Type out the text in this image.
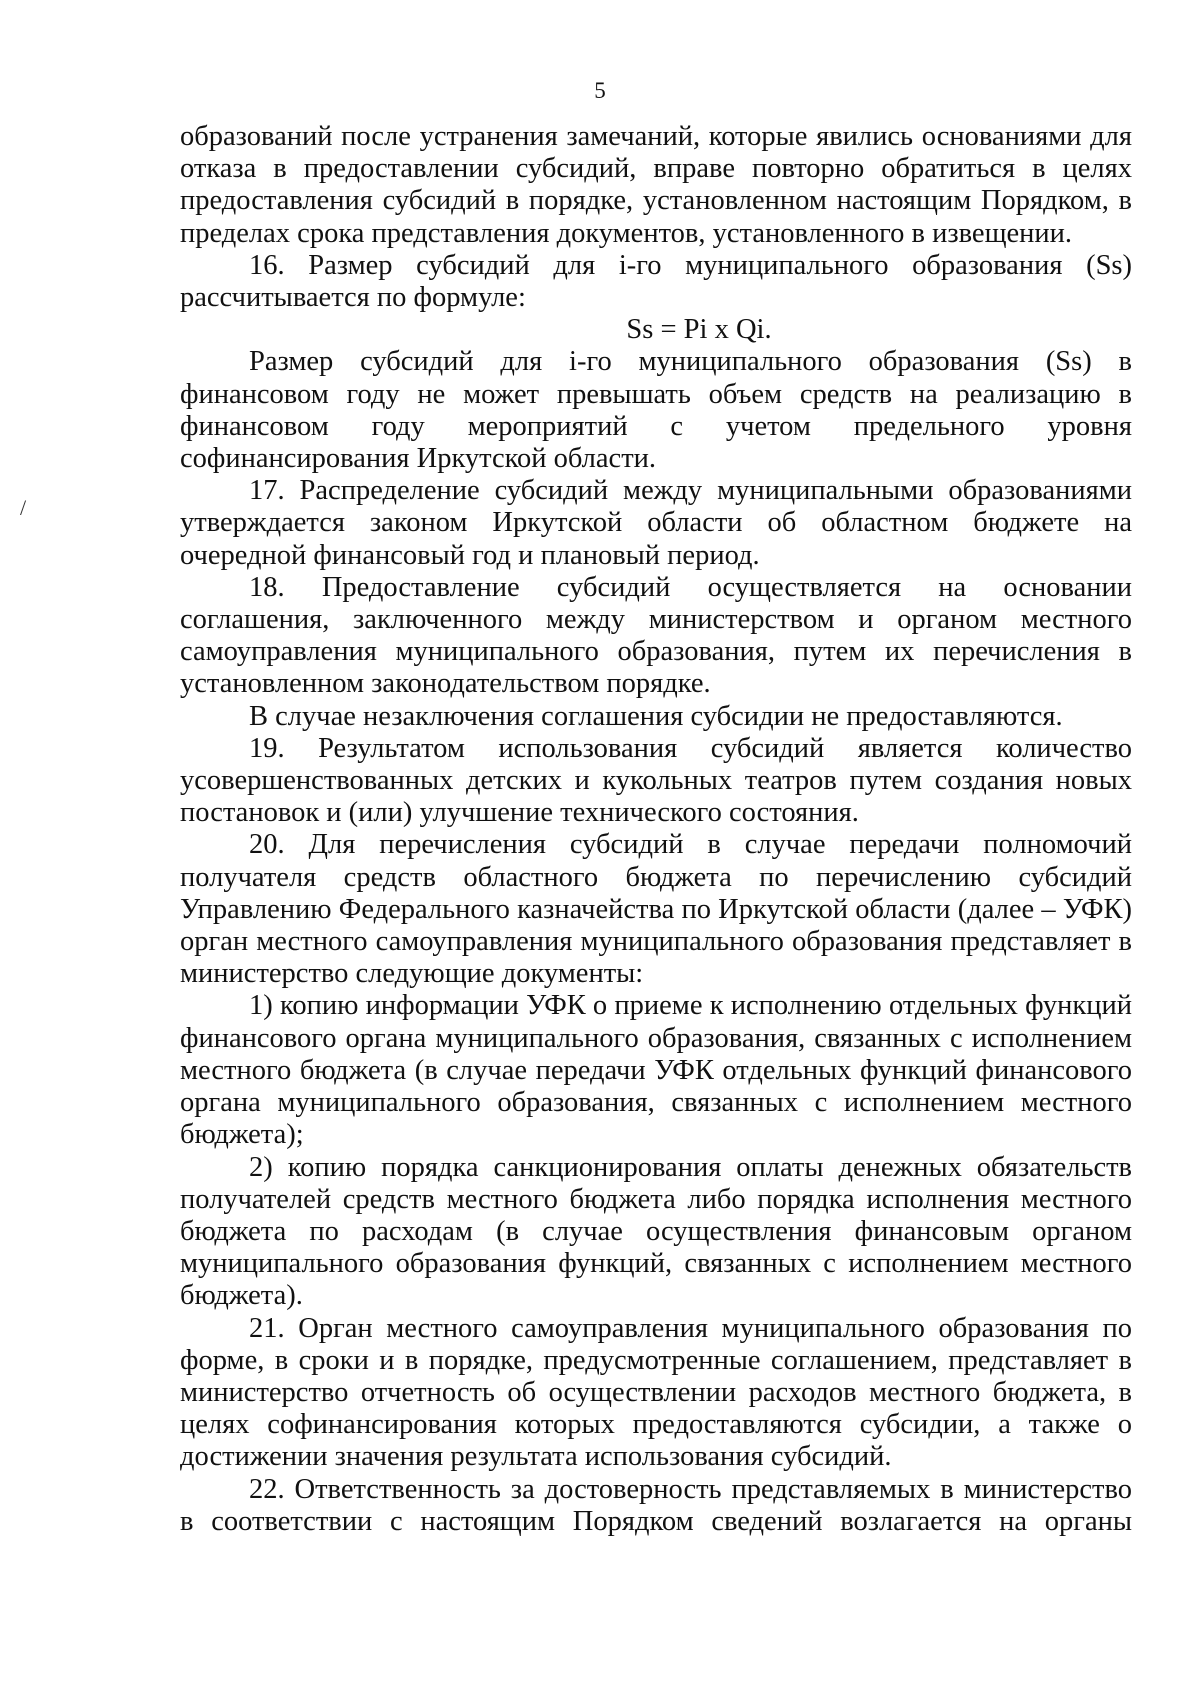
5
/

образований после устранения замечаний, которые явились основаниями для отказа в предоставлении субсидий, вправе повторно обратиться в целях предоставления субсидий в порядке, установленном настоящим Порядком, в пределах срока представления документов, установленного в извещении.

16. Размер субсидий для i-го муниципального образования (Ss) рассчитывается по формуле:

Ss = Pi x Qi.

Размер субсидий для i-го муниципального образования (Ss) в финансовом году не может превышать объем средств на реализацию в финансовом году мероприятий с учетом предельного уровня софинансирования Иркутской области.

17. Распределение субсидий между муниципальными образованиями утверждается законом Иркутской области об областном бюджете на очередной финансовый год и плановый период.

18. Предоставление субсидий осуществляется на основании соглашения, заключенного между министерством и органом местного самоуправления муниципального образования, путем их перечисления в установленном законодательством порядке.

В случае незаключения соглашения субсидии не предоставляются.

19. Результатом использования субсидий является количество усовершенствованных детских и кукольных театров путем создания новых постановок и (или) улучшение технического состояния.

20. Для перечисления субсидий в случае передачи полномочий получателя средств областного бюджета по перечислению субсидий Управлению Федерального казначейства по Иркутской области (далее – УФК) орган местного самоуправления муниципального образования представляет в министерство следующие документы:

1) копию информации УФК о приеме к исполнению отдельных функций финансового органа муниципального образования, связанных с исполнением местного бюджета (в случае передачи УФК отдельных функций финансового органа муниципального образования, связанных с исполнением местного бюджета);

2) копию порядка санкционирования оплаты денежных обязательств получателей средств местного бюджета либо порядка исполнения местного бюджета по расходам (в случае осуществления финансовым органом муниципального образования функций, связанных с исполнением местного бюджета).

21. Орган местного самоуправления муниципального образования по форме, в сроки и в порядке, предусмотренные соглашением, представляет в министерство отчетность об осуществлении расходов местного бюджета, в целях софинансирования которых предоставляются субсидии, а также о достижении значения результата использования субсидий.

22. Ответственность за достоверность представляемых в министерство в соответствии с настоящим Порядком сведений возлагается на органы
